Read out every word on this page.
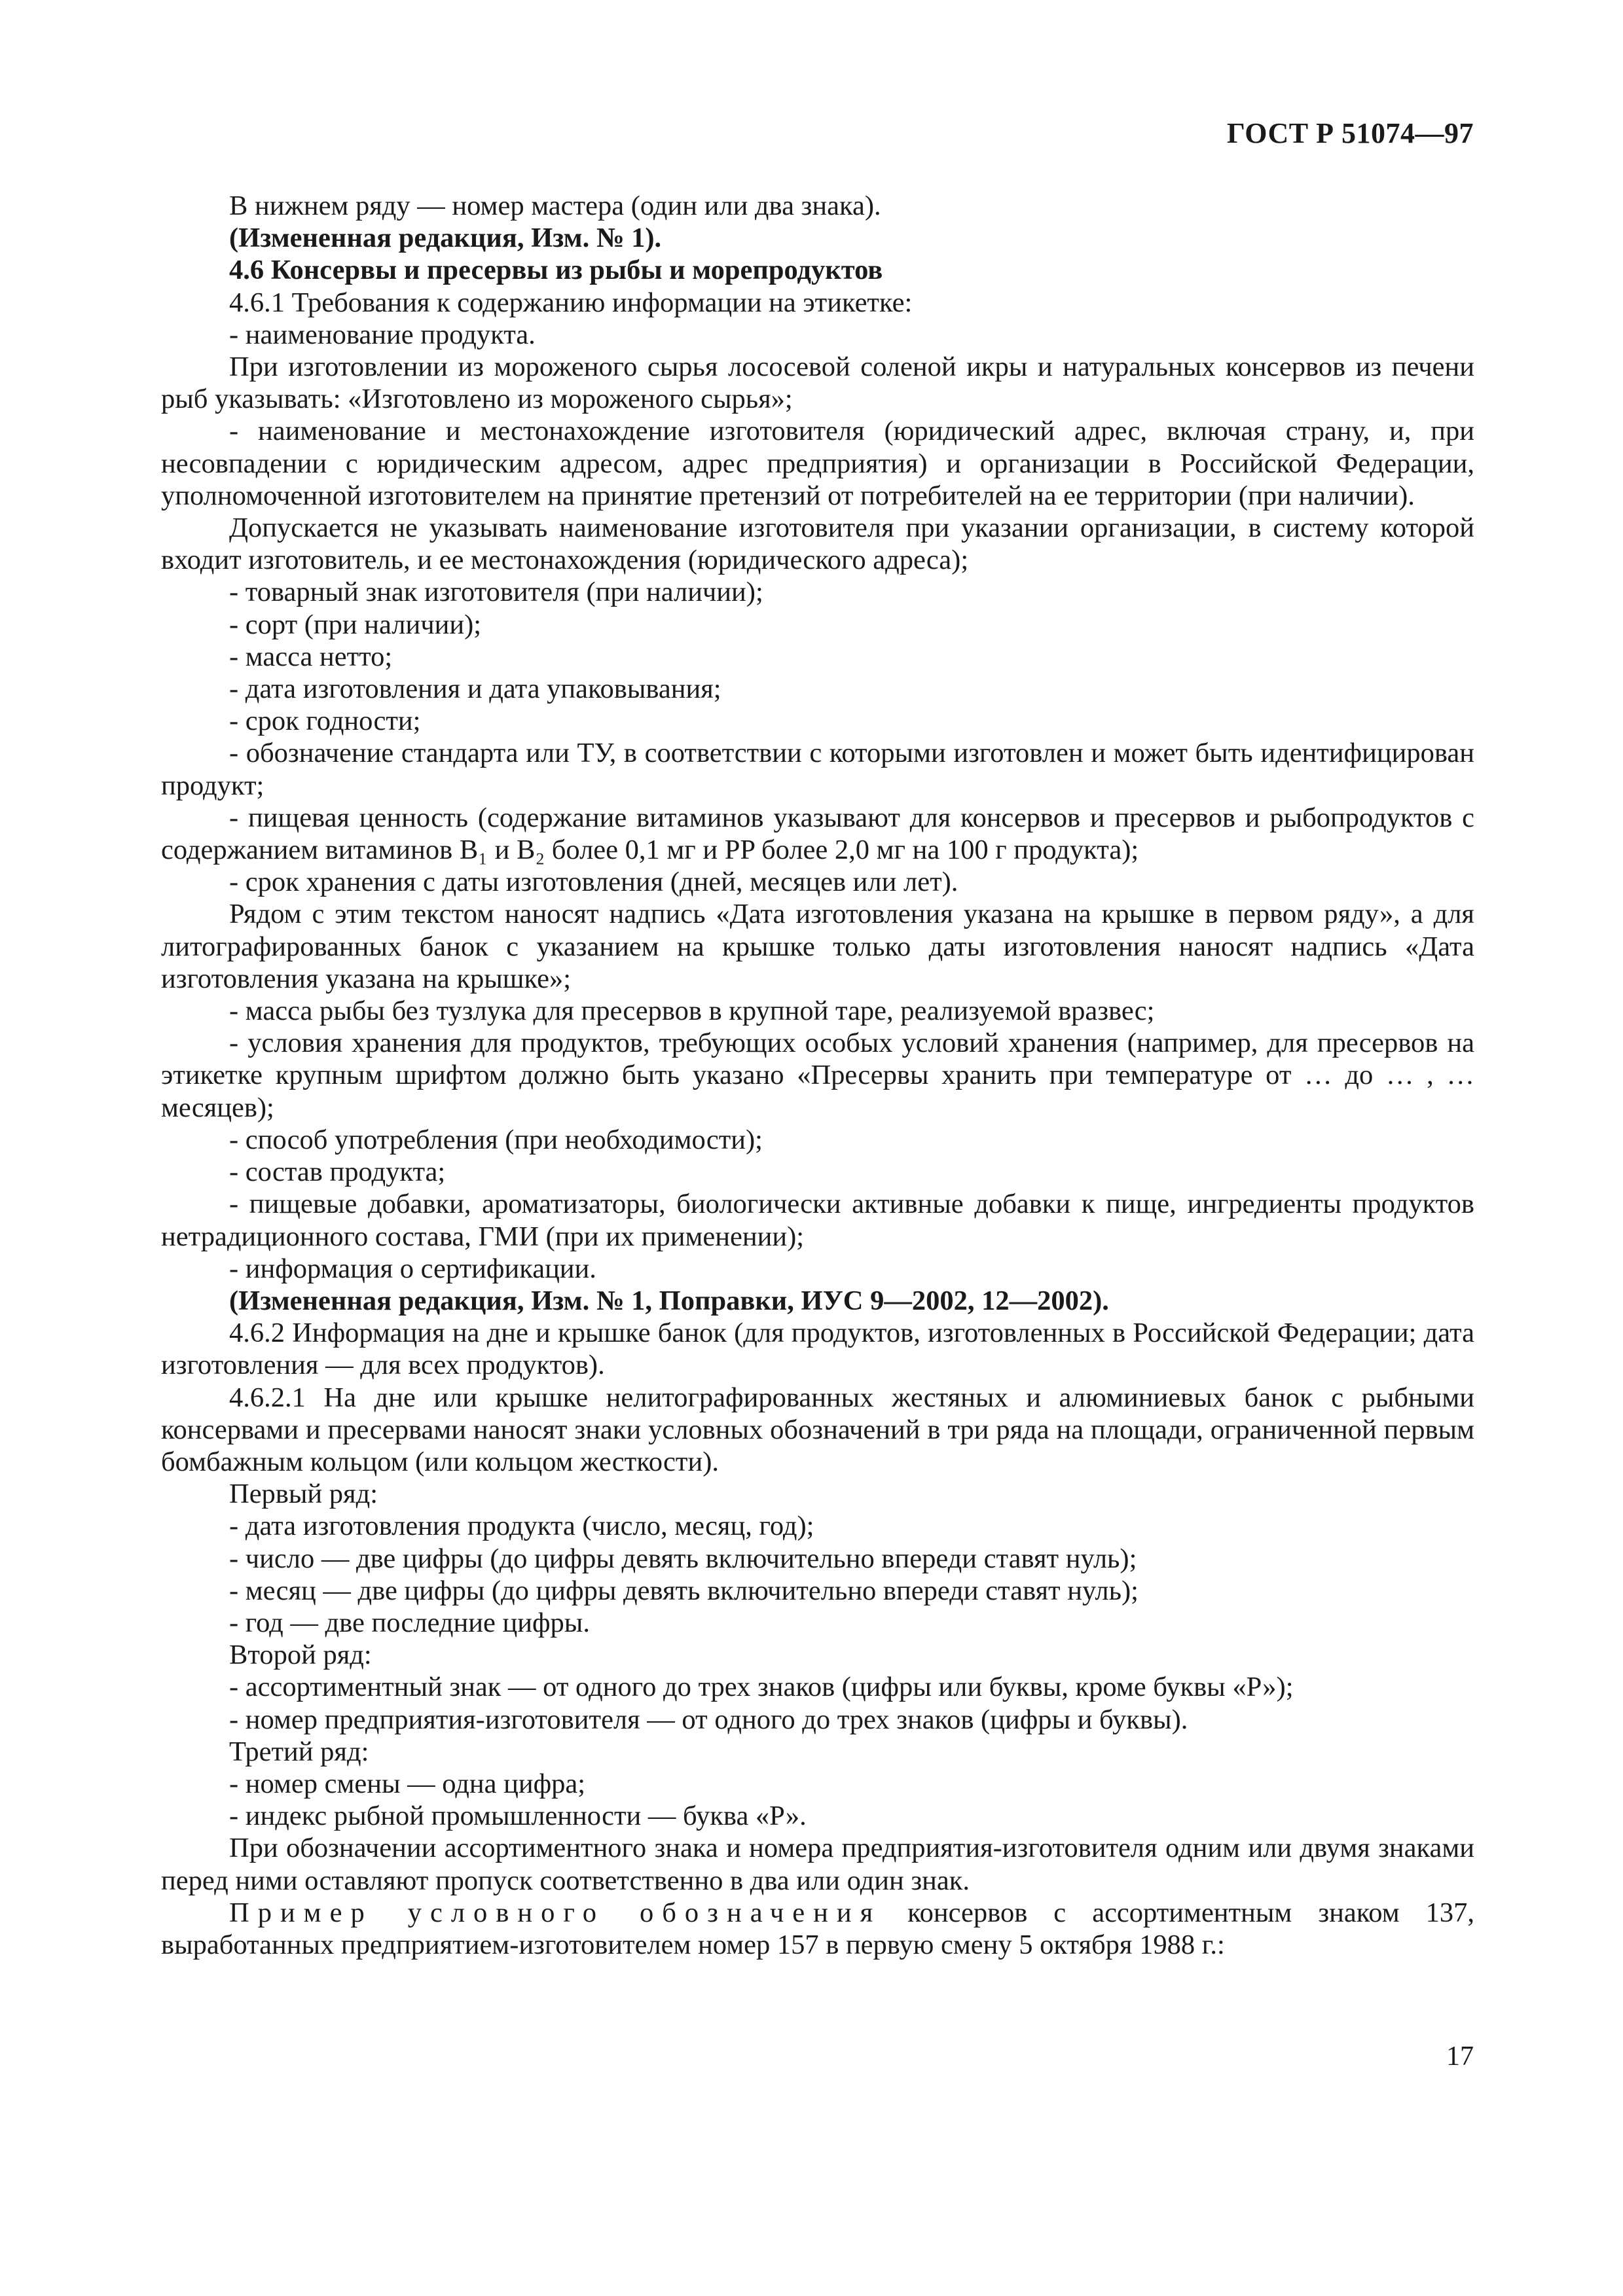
ГОСТ Р 51074—97

В нижнем ряду — номер мастера (один или два знака).

(Измененная редакция, Изм. № 1).

4.6 Консервы и пресервы из рыбы и морепродуктов

4.6.1 Требования к содержанию информации на этикетке:

- наименование продукта.

При изготовлении из мороженого сырья лососевой соленой икры и натуральных консервов из печени рыб указывать: «Изготовлено из мороженого сырья»;

- наименование и местонахождение изготовителя (юридический адрес, включая страну, и, при несовпадении с юридическим адресом, адрес предприятия) и организации в Российской Федерации, уполномоченной изготовителем на принятие претензий от потребителей на ее территории (при наличии).

Допускается не указывать наименование изготовителя при указании организации, в систему которой входит изготовитель, и ее местонахождения (юридического адреса);

- товарный знак изготовителя (при наличии);

- сорт (при наличии);

- масса нетто;

- дата изготовления и дата упаковывания;

- срок годности;

- обозначение стандарта или ТУ, в соответствии с которыми изготовлен и может быть идентифицирован продукт;

- пищевая ценность (содержание витаминов указывают для консервов и пресервов и рыбопродуктов с содержанием витаминов B₁ и B₂ более 0,1 мг и PP более 2,0 мг на 100 г продукта);

- срок хранения с даты изготовления (дней, месяцев или лет).

Рядом с этим текстом наносят надпись «Дата изготовления указана на крышке в первом ряду», а для литографированных банок с указанием на крышке только даты изготовления наносят надпись «Дата изготовления указана на крышке»;

- масса рыбы без тузлука для пресервов в крупной таре, реализуемой вразвес;

- условия хранения для продуктов, требующих особых условий хранения (например, для пресервов на этикетке крупным шрифтом должно быть указано «Пресервы хранить при температуре от … до … , … месяцев);

- способ употребления (при необходимости);

- состав продукта;

- пищевые добавки, ароматизаторы, биологически активные добавки к пище, ингредиенты продуктов нетрадиционного состава, ГМИ (при их применении);

- информация о сертификации.

(Измененная редакция, Изм. № 1, Поправки, ИУС 9—2002, 12—2002).

4.6.2 Информация на дне и крышке банок (для продуктов, изготовленных в Российской Федерации; дата изготовления — для всех продуктов).

4.6.2.1 На дне или крышке нелитографированных жестяных и алюминиевых банок с рыбными консервами и пресервами наносят знаки условных обозначений в три ряда на площади, ограниченной первым бомбажным кольцом (или кольцом жесткости).

Первый ряд:

- дата изготовления продукта (число, месяц, год);

- число — две цифры (до цифры девять включительно впереди ставят нуль);

- месяц — две цифры (до цифры девять включительно впереди ставят нуль);

- год — две последние цифры.

Второй ряд:

- ассортиментный знак — от одного до трех знаков (цифры или буквы, кроме буквы «Р»);

- номер предприятия-изготовителя — от одного до трех знаков (цифры и буквы).

Третий ряд:

- номер смены — одна цифра;

- индекс рыбной промышленности — буква «Р».

При обозначении ассортиментного знака и номера предприятия-изготовителя одним или двумя знаками перед ними оставляют пропуск соответственно в два или один знак.

Пример условного обозначения консервов с ассортиментным знаком 137, выработанных предприятием-изготовителем номер 157 в первую смену 5 октября 1988 г.:

17
